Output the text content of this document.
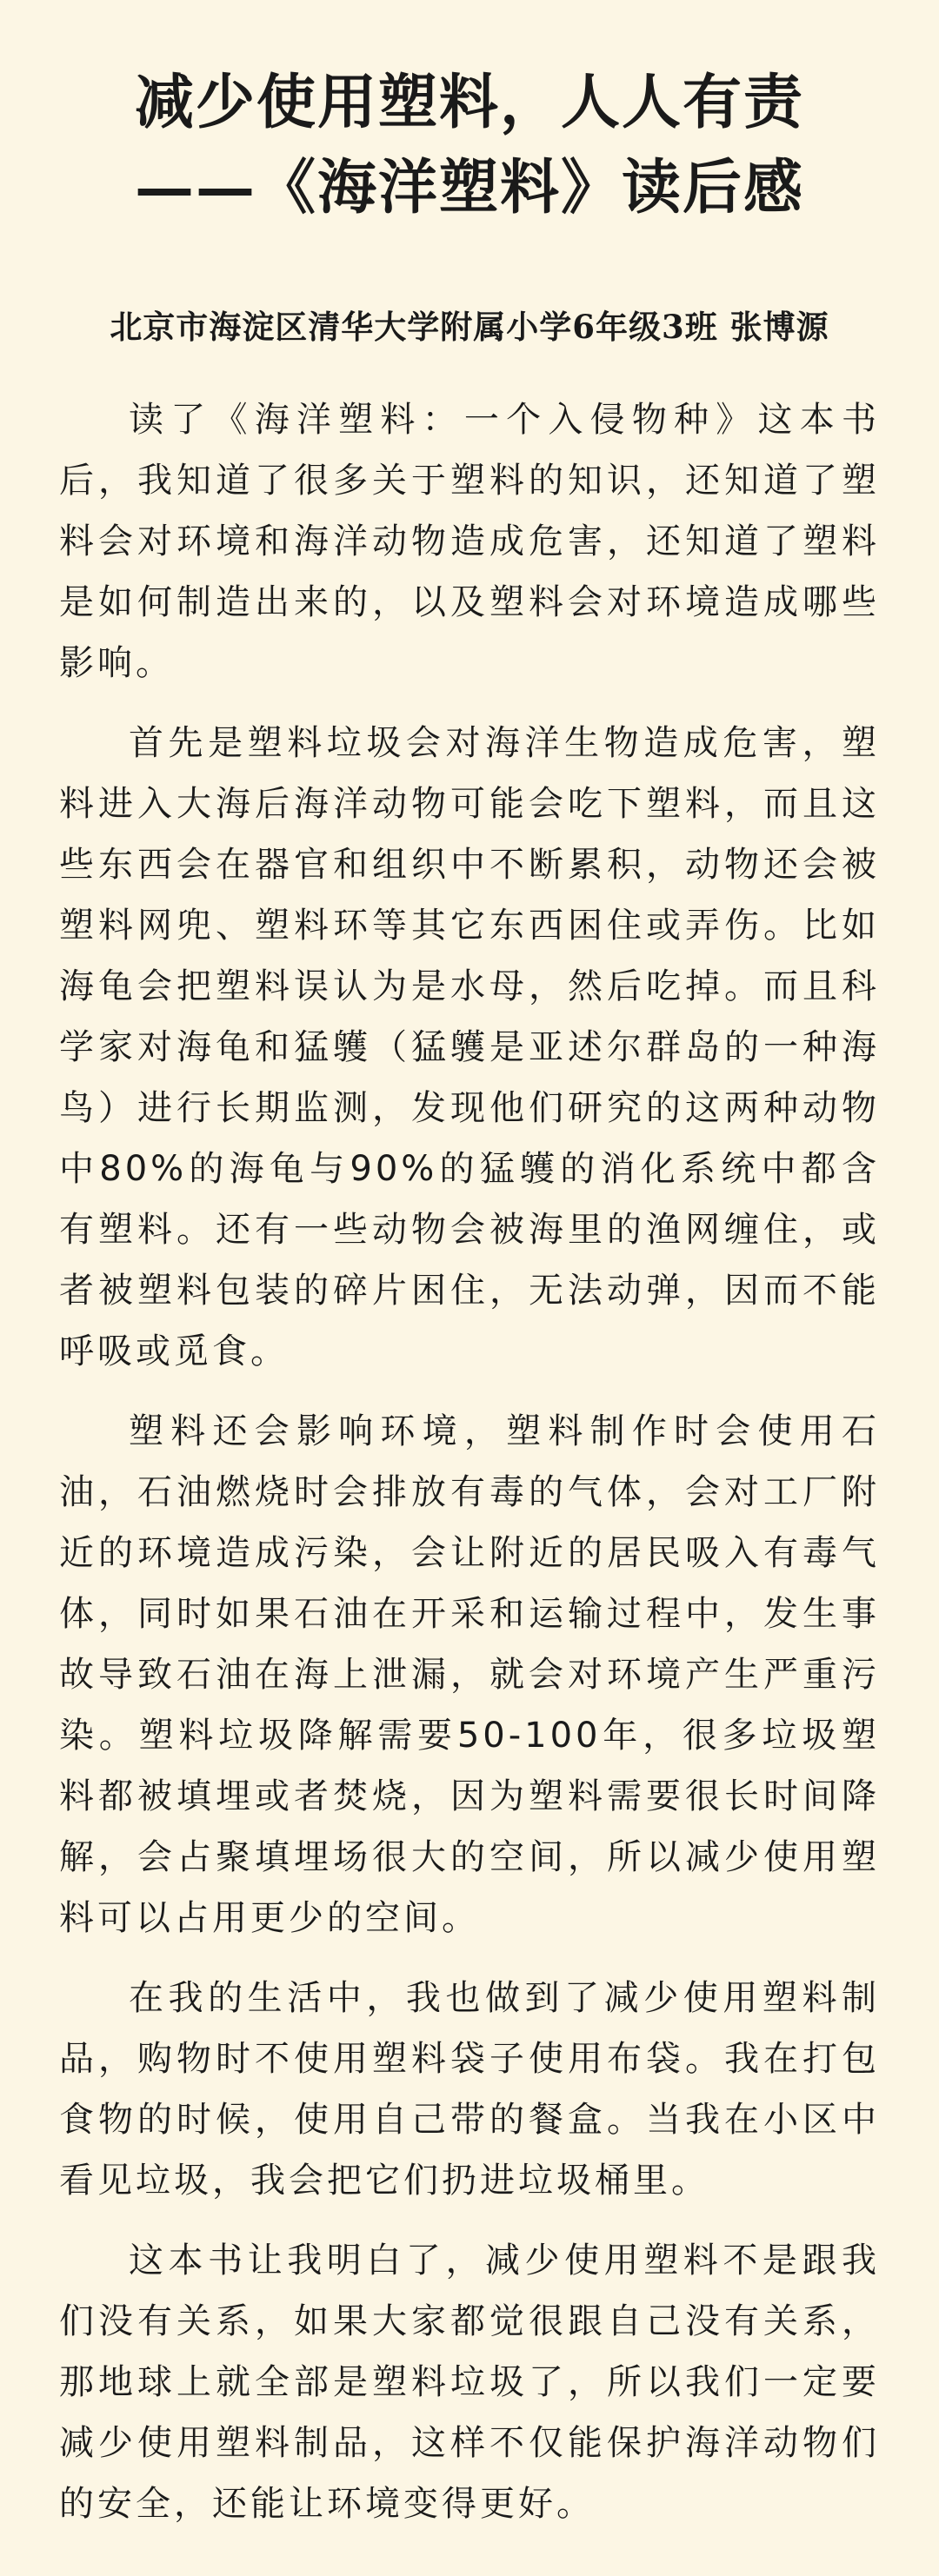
减少使用塑料，人人有责
——《海洋塑料》读后感
北京市海淀区清华大学附属小学6年级3班 张博源

读了《海洋塑料：一个入侵物种》这本书后，我知道了很多关于塑料的知识，还知道了塑料会对环境和海洋动物造成危害，还知道了塑料是如何制造出来的，以及塑料会对环境造成哪些影响。

首先是塑料垃圾会对海洋生物造成危害，塑料进入大海后海洋动物可能会吃下塑料，而且这些东西会在器官和组织中不断累积，动物还会被塑料网兜、塑料环等其它东西困住或弄伤。比如海龟会把塑料误认为是水母，然后吃掉。而且科学家对海龟和猛鹱（猛鹱是亚述尔群岛的一种海鸟）进行长期监测，发现他们研究的这两种动物中80%的海龟与90%的猛鹱的消化系统中都含有塑料。还有一些动物会被海里的渔网缠住，或者被塑料包装的碎片困住，无法动弹，因而不能呼吸或觅食。

塑料还会影响环境，塑料制作时会使用石油，石油燃烧时会排放有毒的气体，会对工厂附近的环境造成污染，会让附近的居民吸入有毒气体，同时如果石油在开采和运输过程中，发生事故导致石油在海上泄漏，就会对环境产生严重污染。塑料垃圾降解需要50-100年，很多垃圾塑料都被填埋或者焚烧，因为塑料需要很长时间降解，会占聚填埋场很大的空间，所以减少使用塑料可以占用更少的空间。

在我的生活中，我也做到了减少使用塑料制品，购物时不使用塑料袋子使用布袋。我在打包食物的时候，使用自己带的餐盒。当我在小区中看见垃圾，我会把它们扔进垃圾桶里。

这本书让我明白了，减少使用塑料不是跟我们没有关系，如果大家都觉很跟自己没有关系，那地球上就全部是塑料垃圾了，所以我们一定要减少使用塑料制品，这样不仅能保护海洋动物们的安全，还能让环境变得更好。
